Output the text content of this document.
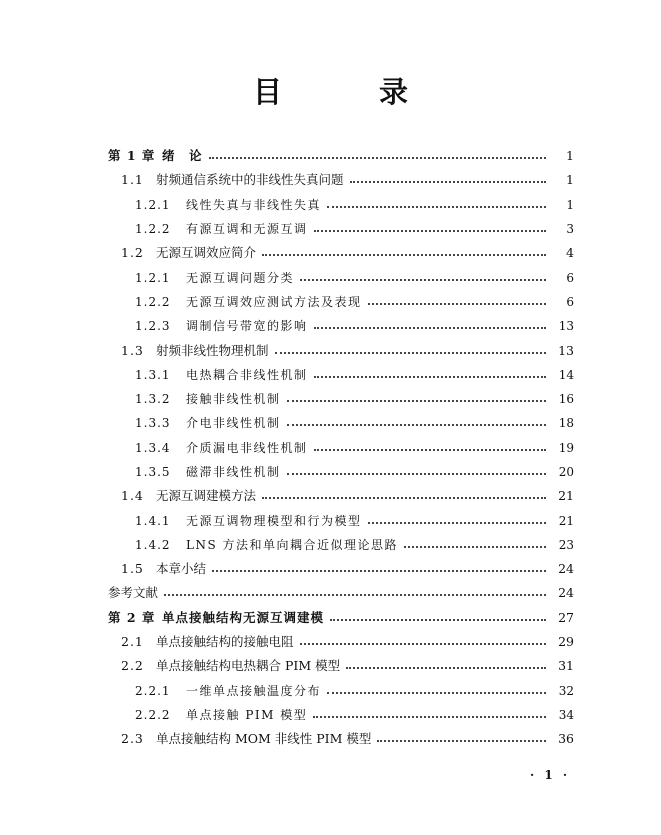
目　录
第 1 章 绪　论	1
1.1 射频通信系统中的非线性失真问题	1
1.2.1	线性失真与非线性失真	1
1.2.2	有源互调和无源互调	3
1.2 无源互调效应简介	4
1.2.1	无源互调问题分类	6
1.2.2	无源互调效应测试方法及表现	6
1.2.3	调制信号带宽的影响	13
1.3 射频非线性物理机制	13
1.3.1	电热耦合非线性机制	14
1.3.2	接触非线性机制	16
1.3.3	介电非线性机制	18
1.3.4	介质漏电非线性机制	19
1.3.5	磁滞非线性机制	20
1.4 无源互调建模方法	21
1.4.1	无源互调物理模型和行为模型	21
1.4.2	LNS 方法和单向耦合近似理论思路	23
1.5 本章小结	24
参考文献	24
第 2 章 单点接触结构无源互调建模	27
2.1 单点接触结构的接触电阻	29
2.2 单点接触结构电热耦合 PIM 模型	31
2.2.1	一维单点接触温度分布	32
2.2.2	单点接触 PIM 模型	34
2.3 单点接触结构 MOM 非线性 PIM 模型	36
· 1 ·
